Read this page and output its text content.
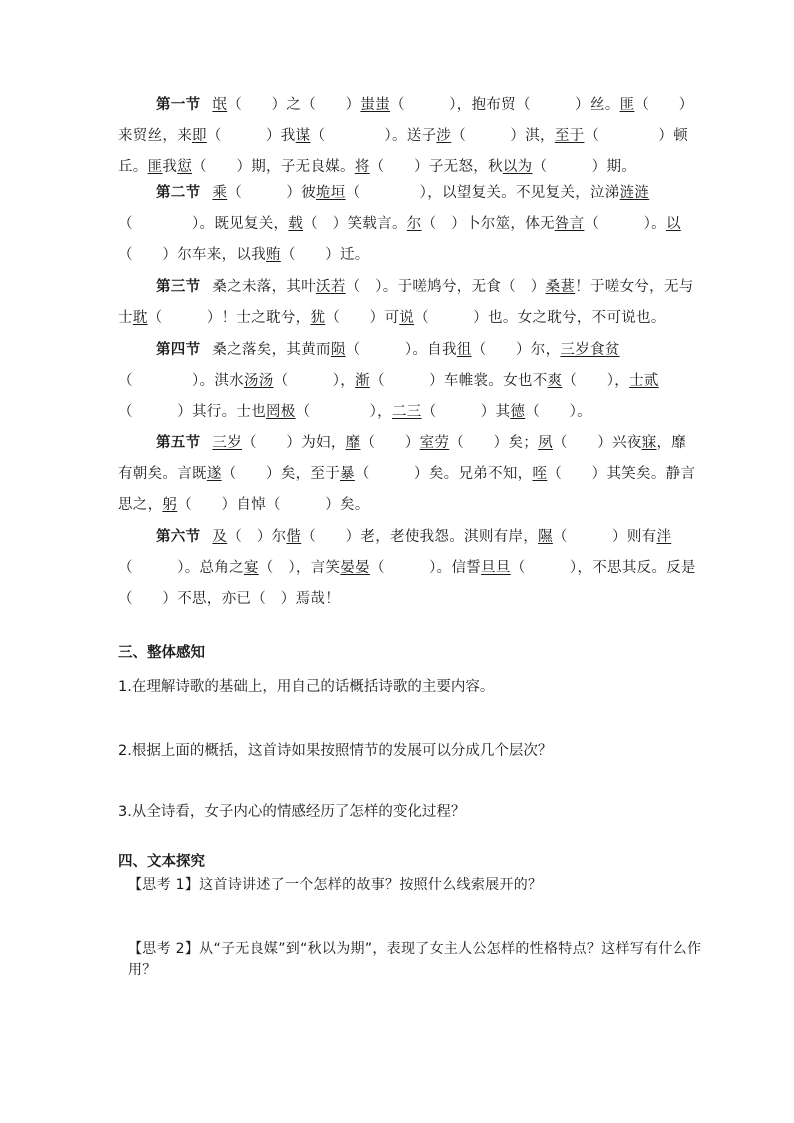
第一节 氓（　　）之（　　）蚩蚩（　　　），抱布贸（　　　）丝。匪（　　）来贸丝，来即（　　　）我谋（　　　　）。送子涉（　　　）淇，至于（　　　　）顿丘。匪我愆（　　）期，子无良媒。将（　　）子无怒，秋以为（　　　）期。

第二节 乘（　　　）彼垝垣（　　　　），以望复关。不见复关，泣涕涟涟（　　　　）。既见复关，载（　）笑载言。尔（　）卜尔筮，体无咎言（　　　）。以（　　）尔车来，以我贿（　　）迁。

第三节 桑之未落，其叶沃若（　）。于嗟鸠兮，无食（　）桑葚！于嗟女兮，无与士耽（　　　）！士之耽兮，犹（　　）可说（　　　）也。女之耽兮，不可说也。

第四节 桑之落矣，其黄而陨（　　　）。自我徂（　　）尔，三岁食贫（　　　　）。淇水汤汤（　　　），渐（　　　）车帷裳。女也不爽（　　），士贰（　　　）其行。士也罔极（　　　　），二三（　　　）其德（　　）。

第五节 三岁（　　）为妇，靡（　　）室劳（　　）矣；夙（　　）兴夜寐，靡有朝矣。言既遂（　　）矣，至于暴（　　　）矣。兄弟不知，咥（　　）其笑矣。静言思之，躬（　　）自悼（　　　）矣。

第六节 及（　）尔偕（　　）老，老使我怨。淇则有岸，隰（　　　）则有泮（　　　）。总角之宴（　），言笑晏晏（　　　）。信誓旦旦（　　　），不思其反。反是（　　）不思，亦已（　）焉哉！

三、整体感知
1.在理解诗歌的基础上，用自己的话概括诗歌的主要内容。
2.根据上面的概括，这首诗如果按照情节的发展可以分成几个层次？
3.从全诗看，女子内心的情感经历了怎样的变化过程？
四、文本探究
【思考 1】这首诗讲述了一个怎样的故事？按照什么线索展开的？
【思考 2】从“子无良媒”到“秋以为期”，表现了女主人公怎样的性格特点？这样写有什么作用？
